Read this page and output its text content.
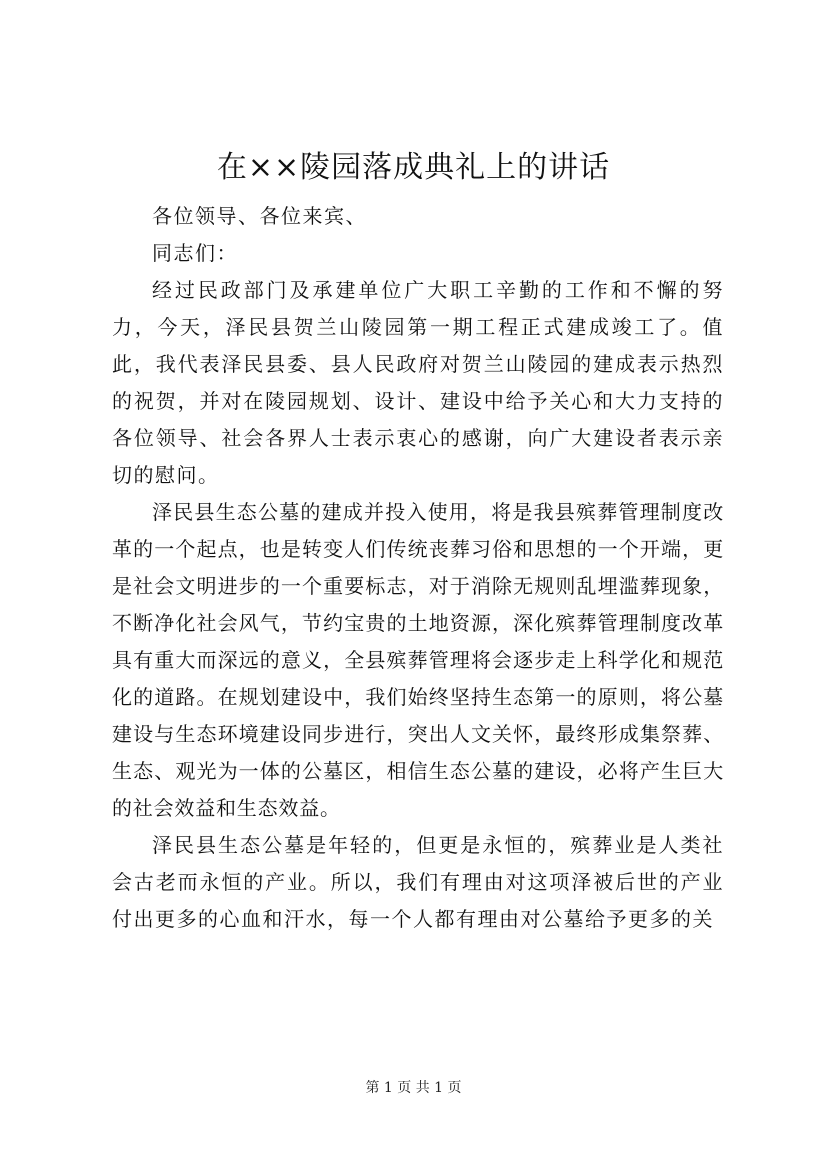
在××陵园落成典礼上的讲话

各位领导、各位来宾、

同志们：

经过民政部门及承建单位广大职工辛勤的工作和不懈的努力，今天，泽民县贺兰山陵园第一期工程正式建成竣工了。值此，我代表泽民县委、县人民政府对贺兰山陵园的建成表示热烈的祝贺，并对在陵园规划、设计、建设中给予关心和大力支持的各位领导、社会各界人士表示衷心的感谢，向广大建设者表示亲切的慰问。

泽民县生态公墓的建成并投入使用，将是我县殡葬管理制度改革的一个起点，也是转变人们传统丧葬习俗和思想的一个开端，更是社会文明进步的一个重要标志，对于消除无规则乱埋滥葬现象，不断净化社会风气，节约宝贵的土地资源，深化殡葬管理制度改革具有重大而深远的意义，全县殡葬管理将会逐步走上科学化和规范化的道路。在规划建设中，我们始终坚持生态第一的原则，将公墓建设与生态环境建设同步进行，突出人文关怀，最终形成集祭葬、生态、观光为一体的公墓区，相信生态公墓的建设，必将产生巨大的社会效益和生态效益。

泽民县生态公墓是年轻的，但更是永恒的，殡葬业是人类社会古老而永恒的产业。所以，我们有理由对这项泽被后世的产业付出更多的心血和汗水，每一个人都有理由对公墓给予更多的关

第 1 页 共 1 页
